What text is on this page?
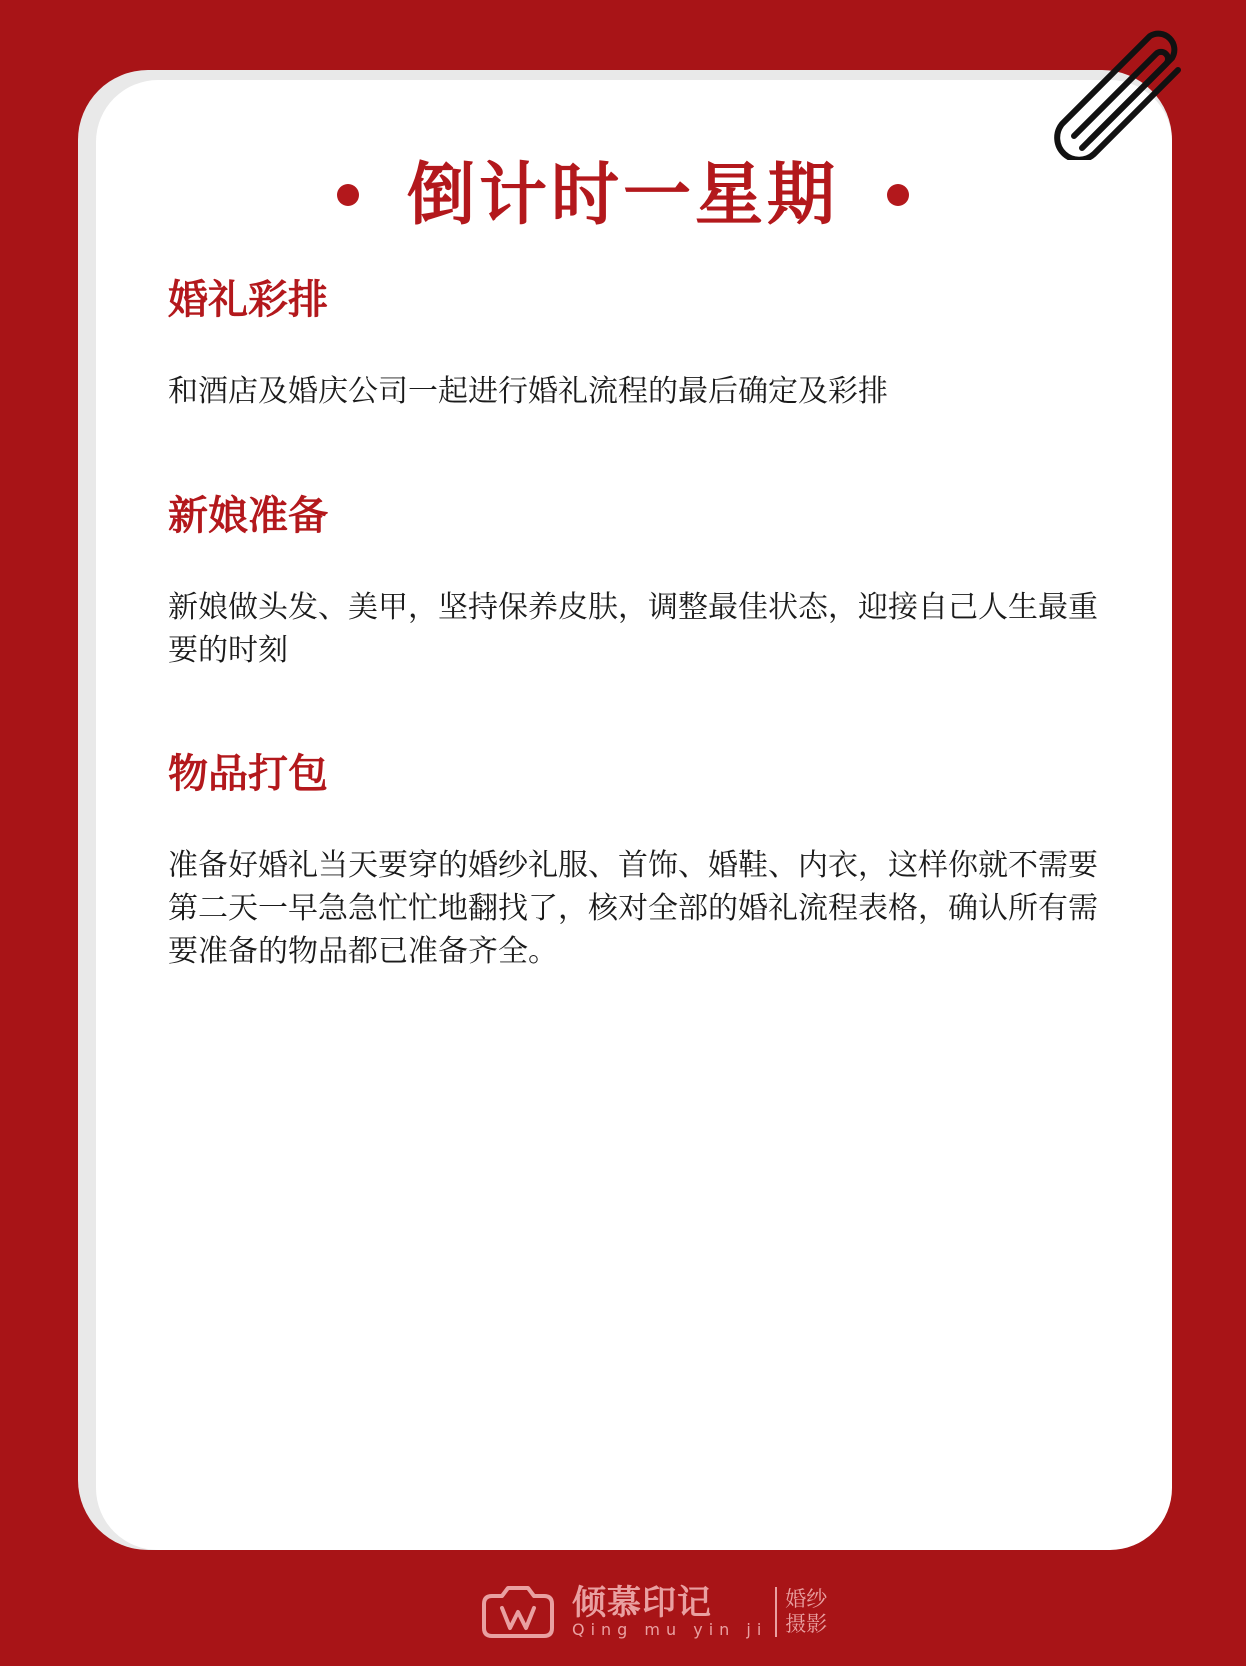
倒计时一星期
婚礼彩排

和酒店及婚庆公司一起进行婚礼流程的最后确定及彩排

新娘准备

新娘做头发、美甲，坚持保养皮肤，调整最佳状态，迎接自己人生最重要的时刻

物品打包

准备好婚礼当天要穿的婚纱礼服、首饰、婚鞋、内衣，这样你就不需要第二天一早急急忙忙地翻找了，核对全部的婚礼流程表格，确认所有需要准备的物品都已准备齐全。

倾慕印记
Qing mu yin ji
婚纱
摄影
